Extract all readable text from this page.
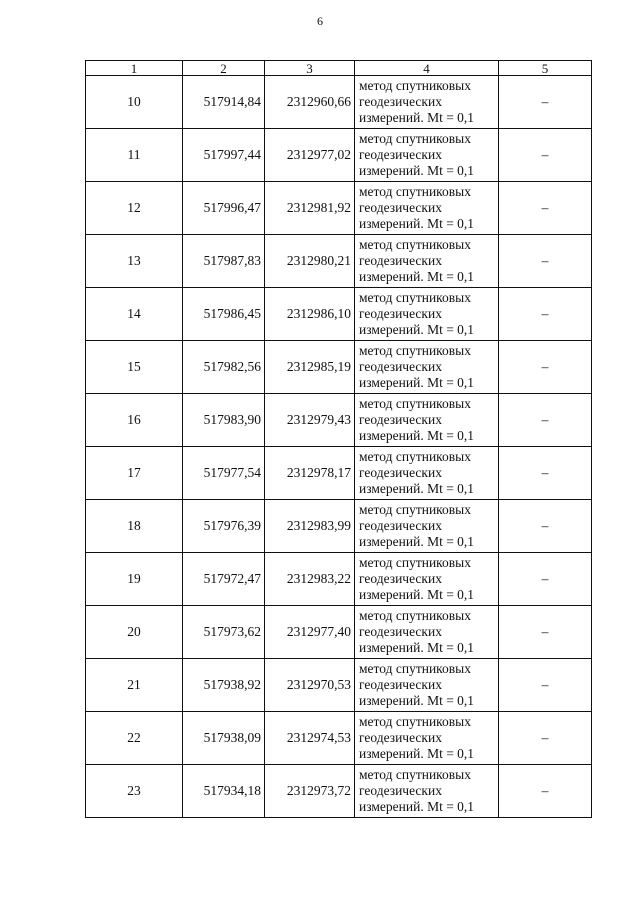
6
1	2	3	4	5
10	517914,84	2312960,66	метод спутниковых
геодезических
измерений. Mt = 0,1	–
11	517997,44	2312977,02	метод спутниковых
геодезических
измерений. Mt = 0,1	–
12	517996,47	2312981,92	метод спутниковых
геодезических
измерений. Mt = 0,1	–
13	517987,83	2312980,21	метод спутниковых
геодезических
измерений. Mt = 0,1	–
14	517986,45	2312986,10	метод спутниковых
геодезических
измерений. Mt = 0,1	–
15	517982,56	2312985,19	метод спутниковых
геодезических
измерений. Mt = 0,1	–
16	517983,90	2312979,43	метод спутниковых
геодезических
измерений. Mt = 0,1	–
17	517977,54	2312978,17	метод спутниковых
геодезических
измерений. Mt = 0,1	–
18	517976,39	2312983,99	метод спутниковых
геодезических
измерений. Mt = 0,1	–
19	517972,47	2312983,22	метод спутниковых
геодезических
измерений. Mt = 0,1	–
20	517973,62	2312977,40	метод спутниковых
геодезических
измерений. Mt = 0,1	–
21	517938,92	2312970,53	метод спутниковых
геодезических
измерений. Mt = 0,1	–
22	517938,09	2312974,53	метод спутниковых
геодезических
измерений. Mt = 0,1	–
23	517934,18	2312973,72	метод спутниковых
геодезических
измерений. Mt = 0,1	–
